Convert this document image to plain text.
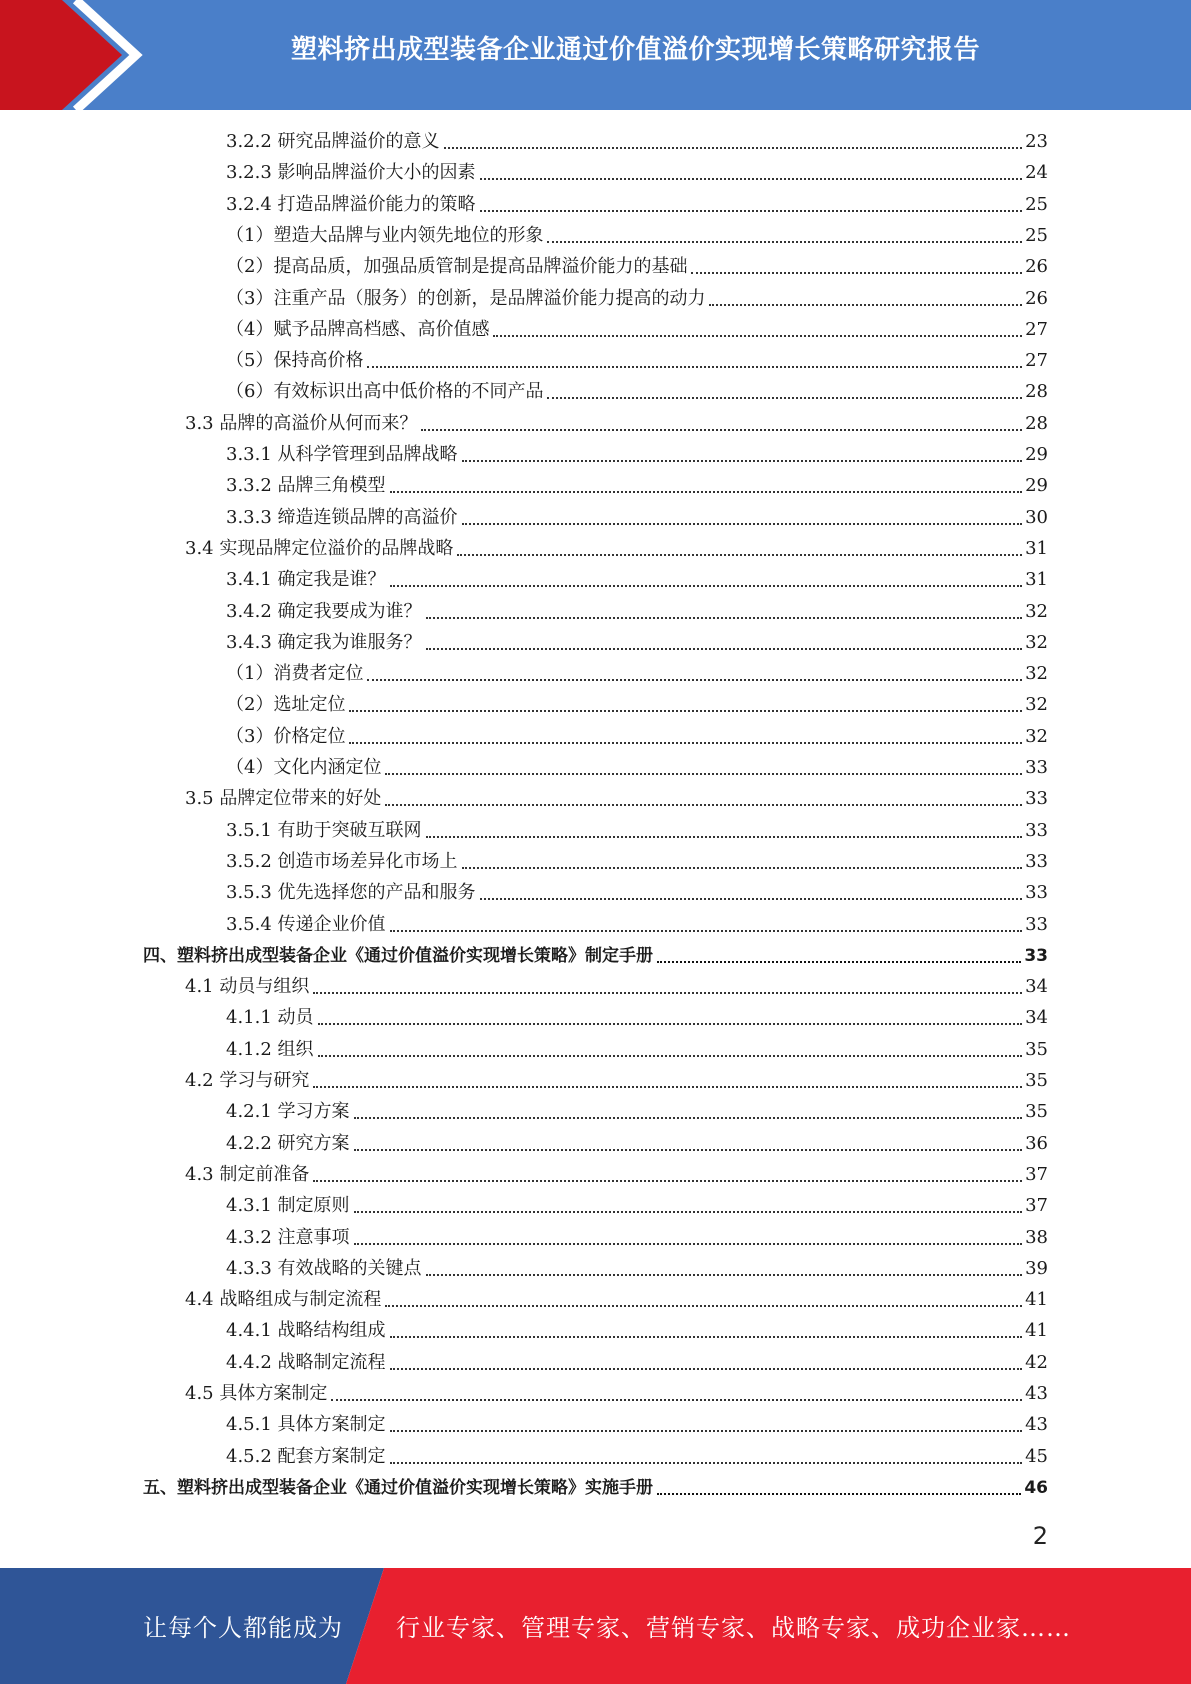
塑料挤出成型装备企业通过价值溢价实现增长策略研究报告
3.2.2 研究品牌溢价的意义	23
3.2.3 影响品牌溢价大小的因素	24
3.2.4 打造品牌溢价能力的策略	25
（1）塑造大品牌与业内领先地位的形象	25
（2）提高品质，加强品质管制是提高品牌溢价能力的基础	26
（3）注重产品（服务）的创新，是品牌溢价能力提高的动力	26
（4）赋予品牌高档感、高价值感	27
（5）保持高价格	27
（6）有效标识出高中低价格的不同产品	28
3.3 品牌的高溢价从何而来？	28
3.3.1 从科学管理到品牌战略	29
3.3.2 品牌三角模型	29
3.3.3 缔造连锁品牌的高溢价	30
3.4 实现品牌定位溢价的品牌战略	31
3.4.1 确定我是谁？	31
3.4.2 确定我要成为谁？	32
3.4.3 确定我为谁服务？	32
（1）消费者定位	32
（2）选址定位	32
（3）价格定位	32
（4）文化内涵定位	33
3.5 品牌定位带来的好处	33
3.5.1 有助于突破互联网	33
3.5.2 创造市场差异化市场上	33
3.5.3 优先选择您的产品和服务	33
3.5.4 传递企业价值	33
四、塑料挤出成型装备企业《通过价值溢价实现增长策略》制定手册	33
4.1 动员与组织	34
4.1.1 动员	34
4.1.2 组织	35
4.2 学习与研究	35
4.2.1 学习方案	35
4.2.2 研究方案	36
4.3 制定前准备	37
4.3.1 制定原则	37
4.3.2 注意事项	38
4.3.3 有效战略的关键点	39
4.4 战略组成与制定流程	41
4.4.1 战略结构组成	41
4.4.2 战略制定流程	42
4.5 具体方案制定	43
4.5.1 具体方案制定	43
4.5.2 配套方案制定	45
五、塑料挤出成型装备企业《通过价值溢价实现增长策略》实施手册	46
2
让每个人都能成为 行业专家、管理专家、营销专家、战略专家、成功企业家……
